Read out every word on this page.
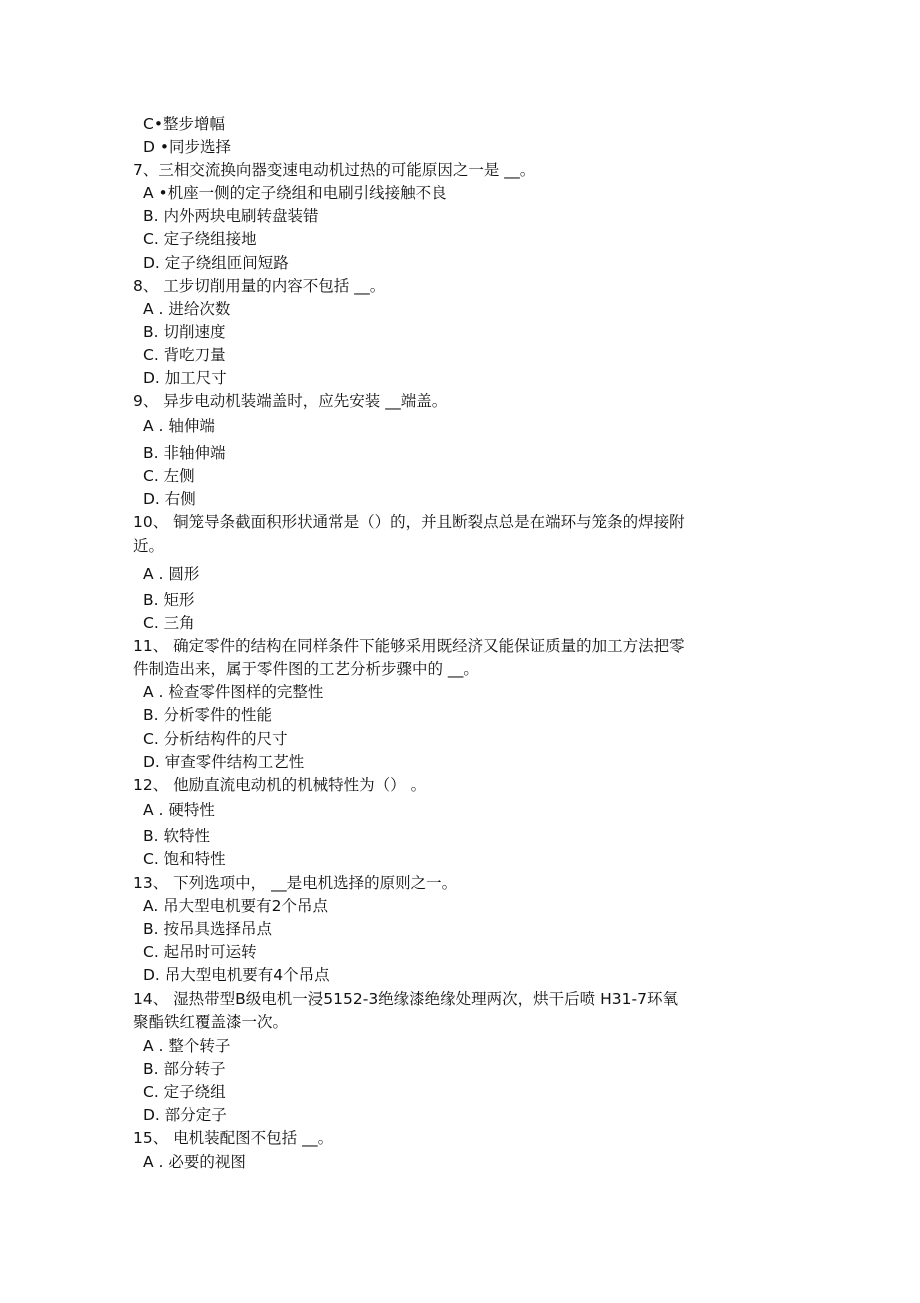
C•整步增幅
D •同步选择
7、三相交流换向器变速电动机过热的可能原因之一是 __。
A •机座一侧的定子绕组和电刷引线接触不良
B. 内外两块电刷转盘装错
C. 定子绕组接地
D. 定子绕组匝间短路
8、 工步切削用量的内容不包括 __。
A . 进给次数
B. 切削速度
C. 背吃刀量
D. 加工尺寸
9、 异步电动机装端盖时，应先安装 __端盖。
A . 轴伸端
B. 非轴伸端
C. 左侧
D. 右侧
10、 铜笼导条截面积形状通常是（）的，并且断裂点总是在端环与笼条的焊接附
近。
A . 圆形
B. 矩形
C. 三角
11、 确定零件的结构在同样条件下能够采用既经济又能保证质量的加工方法把零
件制造出来，属于零件图的工艺分析步骤中的 __。
A . 检查零件图样的完整性
B. 分析零件的性能
C. 分析结构件的尺寸
D. 审查零件结构工艺性
12、 他励直流电动机的机械特性为（） 。
A . 硬特性
B. 软特性
C. 饱和特性
13、 下列选项中， __是电机选择的原则之一。
A. 吊大型电机要有2个吊点
B. 按吊具选择吊点
C. 起吊时可运转
D. 吊大型电机要有4个吊点
14、 湿热带型B级电机一浸5152-3绝缘漆绝缘处理两次，烘干后喷 H31-7环氧
聚酯铁红覆盖漆一次。
A . 整个转子
B. 部分转子
C. 定子绕组
D. 部分定子
15、 电机装配图不包括 __。
A . 必要的视图
